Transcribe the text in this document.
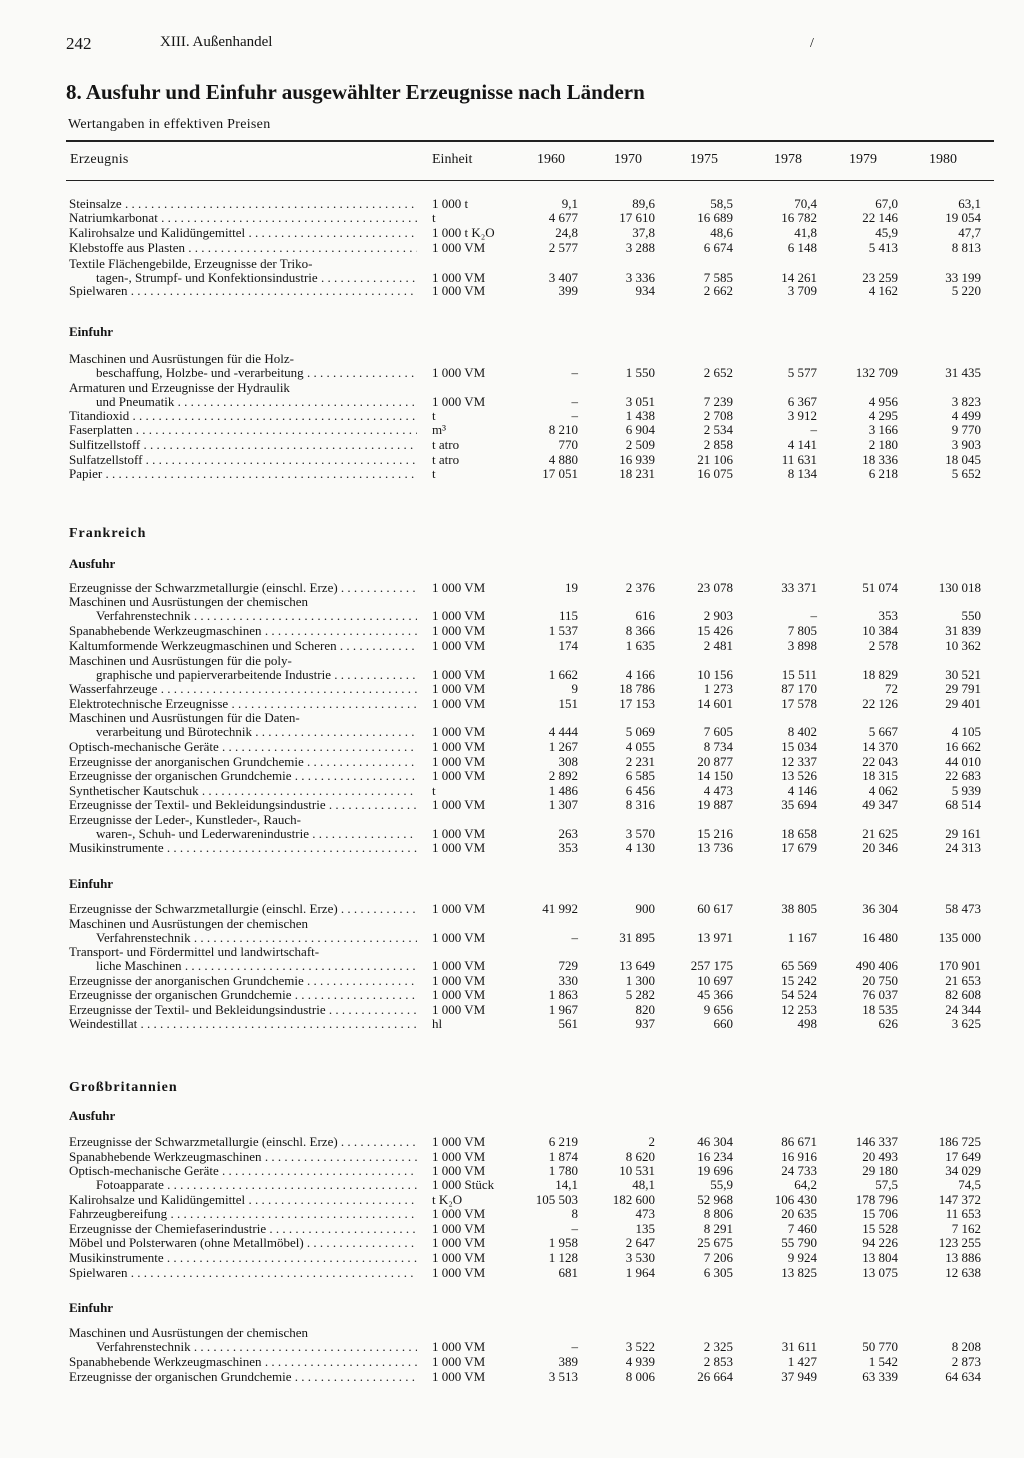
242	XIII. Außenhandel	/
8. Ausfuhr und Einfuhr ausgewählter Erzeugnisse nach Ländern
Wertangaben in effektiven Preisen
Erzeugnis	Einheit	1960	1970	1975	1978	1979	1980
Steinsalze . . .	1 000 t	9,1	89,6	58,5	70,4	67,0	63,1
Natriumkarbonat . . .	t	4 677	17 610	16 689	16 782	22 146	19 054
Kalirohsalze und Kalidüngemittel . . .	1 000 t K₂O	24,8	37,8	48,6	41,8	45,9	47,7
Klebstoffe aus Plasten . . .	1 000 VM	2 577	3 288	6 674	6 148	5 413	8 813
Textile Flächengebilde, Erzeugnisse der Triko-
tagen-, Strumpf- und Konfektionsindustrie . . .	1 000 VM	3 407	3 336	7 585	14 261	23 259	33 199
Spielwaren . . .	1 000 VM	399	934	2 662	3 709	4 162	5 220
Einfuhr
Maschinen und Ausrüstungen für die Holz-
beschaffung, Holzbe- und -verarbeitung . . .	1 000 VM	–	1 550	2 652	5 577	132 709	31 435
Armaturen und Erzeugnisse der Hydraulik
und Pneumatik . . .	1 000 VM	–	3 051	7 239	6 367	4 956	3 823
Titandioxid . . .	t	–	1 438	2 708	3 912	4 295	4 499
Faserplatten . . .	m³	8 210	6 904	2 534	–	3 166	9 770
Sulfitzellstoff . . .	t atro	770	2 509	2 858	4 141	2 180	3 903
Sulfatzellstoff . . .	t atro	4 880	16 939	21 106	11 631	18 336	18 045
Papier . . .	t	17 051	18 231	16 075	8 134	6 218	5 652
Frankreich
Ausfuhr
Erzeugnisse der Schwarzmetallurgie (einschl. Erze) . . .	1 000 VM	19	2 376	23 078	33 371	51 074	130 018
Maschinen und Ausrüstungen der chemischen
Verfahrenstechnik . . .	1 000 VM	115	616	2 903	–	353	550
Spanabhebende Werkzeugmaschinen . . .	1 000 VM	1 537	8 366	15 426	7 805	10 384	31 839
Kaltumformende Werkzeugmaschinen und Scheren . . .	1 000 VM	174	1 635	2 481	3 898	2 578	10 362
Maschinen und Ausrüstungen für die poly-
graphische und papierverarbeitende Industrie . . .	1 000 VM	1 662	4 166	10 156	15 511	18 829	30 521
Wasserfahrzeuge . . .	1 000 VM	9	18 786	1 273	87 170	72	29 791
Elektrotechnische Erzeugnisse . . .	1 000 VM	151	17 153	14 601	17 578	22 126	29 401
Maschinen und Ausrüstungen für die Daten-
verarbeitung und Bürotechnik . . .	1 000 VM	4 444	5 069	7 605	8 402	5 667	4 105
Optisch-mechanische Geräte . . .	1 000 VM	1 267	4 055	8 734	15 034	14 370	16 662
Erzeugnisse der anorganischen Grundchemie . . .	1 000 VM	308	2 231	20 877	12 337	22 043	44 010
Erzeugnisse der organischen Grundchemie . . .	1 000 VM	2 892	6 585	14 150	13 526	18 315	22 683
Synthetischer Kautschuk . . .	t	1 486	6 456	4 473	4 146	4 062	5 939
Erzeugnisse der Textil- und Bekleidungsindustrie . . .	1 000 VM	1 307	8 316	19 887	35 694	49 347	68 514
Erzeugnisse der Leder-, Kunstleder-, Rauch-
waren-, Schuh- und Lederwarenindustrie . . .	1 000 VM	263	3 570	15 216	18 658	21 625	29 161
Musikinstrumente . . .	1 000 VM	353	4 130	13 736	17 679	20 346	24 313
Einfuhr
Erzeugnisse der Schwarzmetallurgie (einschl. Erze) . . .	1 000 VM	41 992	900	60 617	38 805	36 304	58 473
Maschinen und Ausrüstungen der chemischen
Verfahrenstechnik . . .	1 000 VM	–	31 895	13 971	1 167	16 480	135 000
Transport- und Fördermittel und landwirtschaft-
liche Maschinen . . .	1 000 VM	729	13 649	257 175	65 569	490 406	170 901
Erzeugnisse der anorganischen Grundchemie . . .	1 000 VM	330	1 300	10 697	15 242	20 750	21 653
Erzeugnisse der organischen Grundchemie . . .	1 000 VM	1 863	5 282	45 366	54 524	76 037	82 608
Erzeugnisse der Textil- und Bekleidungsindustrie . . .	1 000 VM	1 967	820	9 656	12 253	18 535	24 344
Weindestillat . . .	hl	561	937	660	498	626	3 625
Großbritannien
Ausfuhr
Erzeugnisse der Schwarzmetallurgie (einschl. Erze) . . .	1 000 VM	6 219	2	46 304	86 671	146 337	186 725
Spanabhebende Werkzeugmaschinen . . .	1 000 VM	1 874	8 620	16 234	16 916	20 493	17 649
Optisch-mechanische Geräte . . .	1 000 VM	1 780	10 531	19 696	24 733	29 180	34 029
Fotoapparate . . .	1 000 Stück	14,1	48,1	55,9	64,2	57,5	74,5
Kalirohsalze und Kalidüngemittel . . .	t K₂O	105 503	182 600	52 968	106 430	178 796	147 372
Fahrzeugbereifung . . .	1 000 VM	8	473	8 806	20 635	15 706	11 653
Erzeugnisse der Chemiefaserindustrie . . .	1 000 VM	–	135	8 291	7 460	15 528	7 162
Möbel und Polsterwaren (ohne Metallmöbel) . . .	1 000 VM	1 958	2 647	25 675	55 790	94 226	123 255
Musikinstrumente . . .	1 000 VM	1 128	3 530	7 206	9 924	13 804	13 886
Spielwaren . . .	1 000 VM	681	1 964	6 305	13 825	13 075	12 638
Einfuhr
Maschinen und Ausrüstungen der chemischen
Verfahrenstechnik . . .	1 000 VM	–	3 522	2 325	31 611	50 770	8 208
Spanabhebende Werkzeugmaschinen . . .	1 000 VM	389	4 939	2 853	1 427	1 542	2 873
Erzeugnisse der organischen Grundchemie . . .	1 000 VM	3 513	8 006	26 664	37 949	63 339	64 634
